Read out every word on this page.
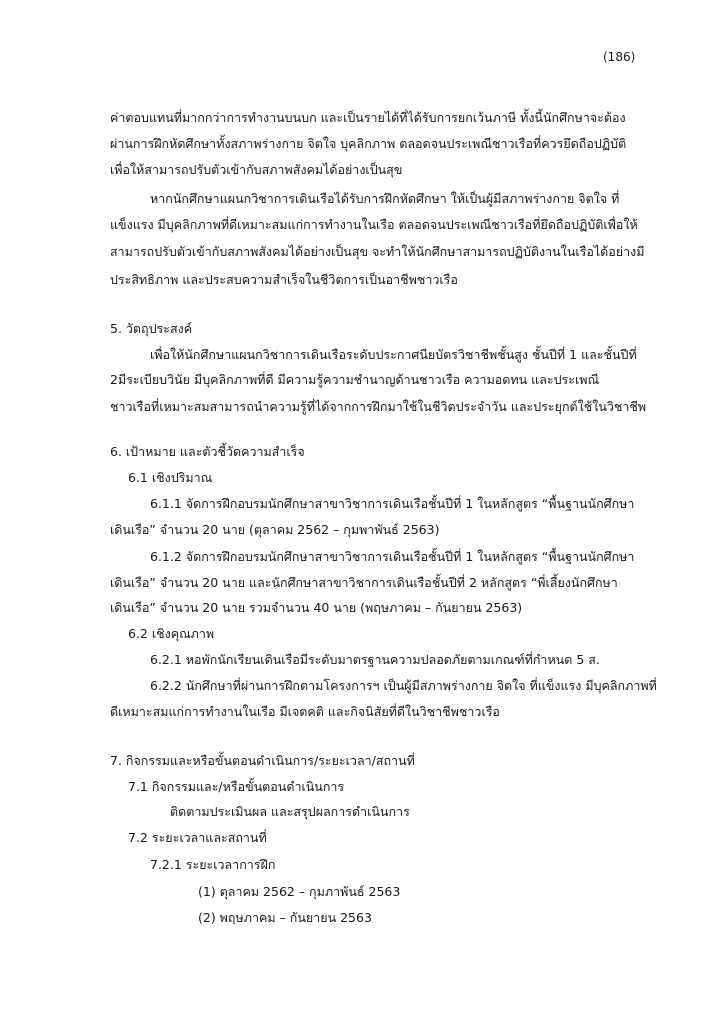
(186)
ค่าตอบแทนที่มากกว่าการทำงานบนบก และเป็นรายได้ที่ได้รับการยกเว้นภาษี ทั้งนี้นักศึกษาจะต้อง
ผ่านการฝึกหัดศึกษาทั้งสภาพร่างกาย จิตใจ บุคลิกภาพ ตลอดจนประเพณีชาวเรือที่ควรยึดถือปฏิบัติ
เพื่อให้สามารถปรับตัวเข้ากับสภาพสังคมได้อย่างเป็นสุข
หากนักศึกษาแผนกวิชาการเดินเรือได้รับการฝึกหัดศึกษา ให้เป็นผู้มีสภาพร่างกาย จิตใจ ที่
แข็งแรง มีบุคลิกภาพที่ดีเหมาะสมแก่การทำงานในเรือ ตลอดจนประเพณีชาวเรือที่ยึดถือปฏิบัติเพื่อให้
สามารถปรับตัวเข้ากับสภาพสังคมได้อย่างเป็นสุข จะทำให้นักศึกษาสามารถปฏิบัติงานในเรือได้อย่างมี
ประสิทธิภาพ และประสบความสำเร็จในชีวิตการเป็นอาชีพชาวเรือ
5. วัตถุประสงค์
เพื่อให้นักศึกษาแผนกวิชาการเดินเรือระดับประกาศนียบัตรวิชาชีพชั้นสูง ชั้นปีที่ 1 และชั้นปีที่
2มีระเบียบวินัย มีบุคลิกภาพที่ดี มีความรู้ความชำนาญด้านชาวเรือ ความอดทน และประเพณี
ชาวเรือที่เหมาะสมสามารถนำความรู้ที่ได้จากการฝึกมาใช้ในชีวิตประจำวัน และประยุกต์ใช้ในวิชาชีพ
6. เป้าหมาย และตัวชี้วัดความสำเร็จ
6.1 เชิงปริมาณ
6.1.1 จัดการฝึกอบรมนักศึกษาสาขาวิชาการเดินเรือชั้นปีที่ 1 ในหลักสูตร “พื้นฐานนักศึกษา
เดินเรือ” จำนวน 20 นาย (ตุลาคม 2562 – กุมพาพันธ์ 2563)
6.1.2 จัดการฝึกอบรมนักศึกษาสาขาวิชาการเดินเรือชั้นปีที่ 1 ในหลักสูตร “พื้นฐานนักศึกษา
เดินเรือ” จำนวน 20 นาย และนักศึกษาสาขาวิชาการเดินเรือชั้นปีที่ 2 หลักสูตร “พี่เลี้ยงนักศึกษา
เดินเรือ” จำนวน 20 นาย รวมจำนวน 40 นาย (พฤษภาคม – กันยายน 2563)
6.2 เชิงคุณภาพ
6.2.1 หอพักนักเรียนเดินเรือมีระดับมาตรฐานความปลอดภัยตามเกณฑ์ที่กำหนด 5 ส.
6.2.2 นักศึกษาที่ผ่านการฝึกตามโครงการฯ เป็นผู้มีสภาพร่างกาย จิตใจ ที่แข็งแรง มีบุคลิกภาพที่
ดีเหมาะสมแก่การทำงานในเรือ มีเจตคติ และกิจนิสัยที่ดีในวิชาชีพชาวเรือ
7. กิจกรรมและหรือขั้นตอนดำเนินการ/ระยะเวลา/สถานที่
7.1 กิจกรรมและ/หรือขั้นตอนดำเนินการ
ติดตามประเมินผล และสรุปผลการดำเนินการ
7.2 ระยะเวลาและสถานที่
7.2.1 ระยะเวลาการฝึก
(1) ตุลาคม 2562 – กุมภาพันธ์ 2563
(2) พฤษภาคม – กันยายน 2563
